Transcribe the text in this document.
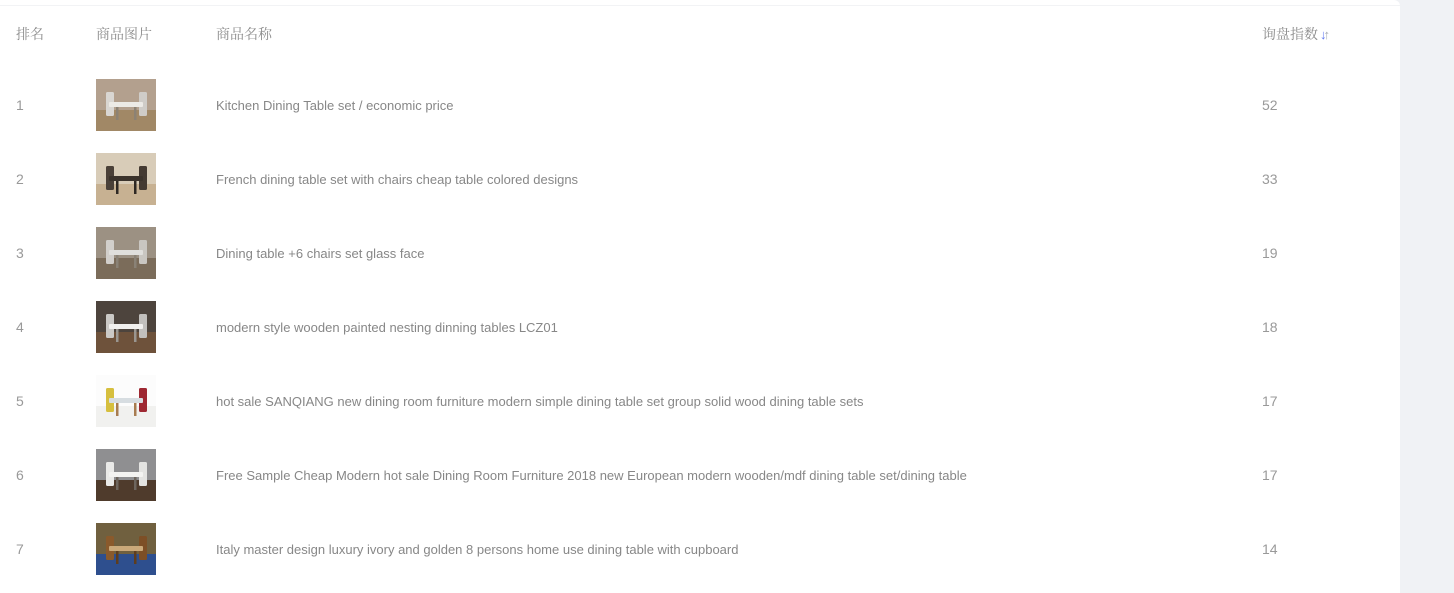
排名	商品图片	商品名称	询盘指数 ↓ ↑
1	Kitchen Dining Table set / economic price	52
2	French dining table set with chairs cheap table colored designs	33
3	Dining table +6 chairs set glass face	19
4	modern style wooden painted nesting dinning tables LCZ01	18
5	hot sale SANQIANG new dining room furniture modern simple dining table set group solid wood dining table sets	17
6	Free Sample Cheap Modern hot sale Dining Room Furniture 2018 new European modern wooden/mdf dining table set/dining table	17
7	Italy master design luxury ivory and golden 8 persons home use dining table with cupboard	14
